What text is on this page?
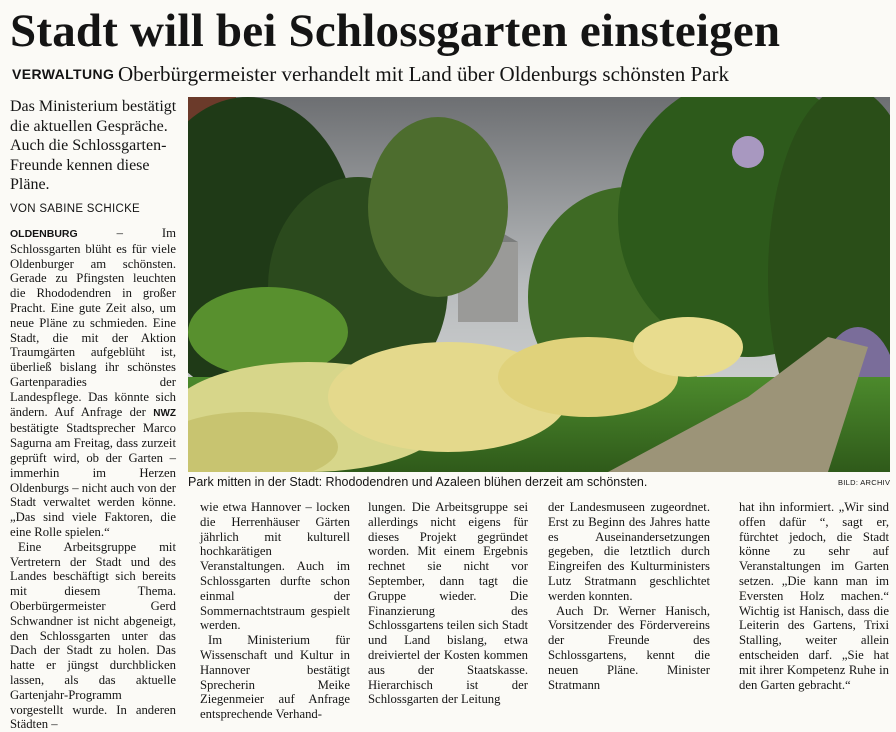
Stadt will bei Schlossgarten einsteigen
VERWALTUNG Oberbürgermeister verhandelt mit Land über Oldenburgs schönsten Park
Das Ministerium bestätigt die aktuellen Gespräche. Auch die Schlossgarten-Freunde kennen diese Pläne.
VON SABINE SCHICKE

OLDENBURG	– Im Schlossgarten blüht es für viele Oldenburger am schönsten. Gerade zu Pfingsten leuchten die Rhododendren in großer Pracht. Eine gute Zeit also, um neue Pläne zu schmieden. Eine Stadt, die mit der Aktion Traumgärten aufgeblüht ist, überließ bislang ihr schönstes Gartenparadies der Landespflege. Das könnte sich ändern. Auf Anfrage der NWZ bestätigte Stadtsprecher Marco Sagurna am Freitag, dass zurzeit geprüft wird, ob der Garten – immerhin im Herzen Oldenburgs – nicht auch von der Stadt verwaltet werden könne. „Das sind viele Faktoren, die eine Rolle spielen.“

Eine Arbeitsgruppe mit Vertretern der Stadt und des Landes beschäftigt sich bereits mit diesem Thema. Oberbürgermeister Gerd Schwandner ist nicht abgeneigt, den Schlossgarten unter das Dach der Stadt zu holen. Das hatte er jüngst durchblicken lassen, als das aktuelle Gartenjahr-Programm vorgestellt wurde. In anderen Städten –

Park mitten in der Stadt: Rhododendren und Azaleen blühen derzeit am schönsten.	BILD: ARCHIV

wie etwa Hannover – locken die Herrenhäuser Gärten jährlich mit kulturell hochkarätigen Veranstaltungen. Auch im Schlossgarten durfte schon einmal der Sommernachtstraum gespielt werden.

Im Ministerium für Wissenschaft und Kultur in Hannover bestätigt Sprecherin Meike Ziegenmeier auf Anfrage entsprechende Verhand-

lungen. Die Arbeitsgruppe sei allerdings nicht eigens für dieses Projekt gegründet worden. Mit einem Ergebnis rechnet sie nicht vor September, dann tagt die Gruppe wieder. Die Finanzierung des Schlossgartens teilen sich Stadt und Land bislang, etwa dreiviertel der Kosten kommen aus der Staatskasse. Hierarchisch ist der Schlossgarten der Leitung

der Landesmuseen zugeordnet. Erst zu Beginn des Jahres hatte es Auseinandersetzungen gegeben, die letztlich durch Eingreifen des Kulturministers Lutz Stratmann geschlichtet werden konnten.

Auch Dr. Werner Hanisch, Vorsitzender des Fördervereins der Freunde des Schlossgartens, kennt die neuen Pläne. Minister Stratmann

hat ihn informiert. „Wir sind offen dafür “, sagt er, fürchtet jedoch, die Stadt könne zu sehr auf Veranstaltungen im Garten setzen. „Die kann man im Eversten Holz machen.“ Wichtig ist Hanisch, dass die Leiterin des Gartens, Trixi Stalling, weiter allein entscheiden darf. „Sie hat mit ihrer Kompetenz Ruhe in den Garten gebracht.“
